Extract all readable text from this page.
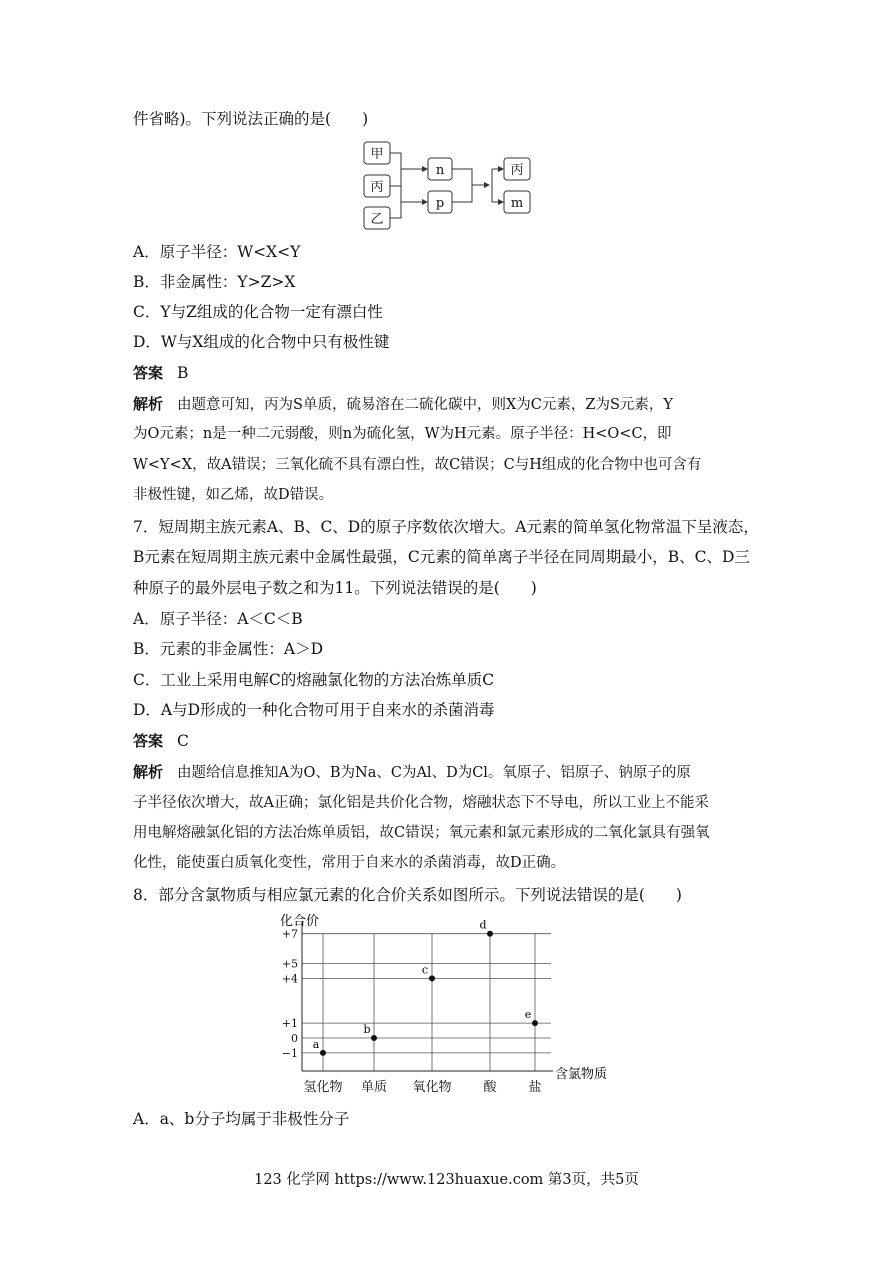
件省略)。下列说法正确的是(　　)
甲
丙
乙
n
p
丙
m
A．原子半径：W<X<Y
B．非金属性：Y>Z>X
C．Y与Z组成的化合物一定有漂白性
D．W与X组成的化合物中只有极性键
答案 B
解析 由题意可知，丙为S单质，硫易溶在二硫化碳中，则X为C元素，Z为S元素，Y
为O元素；n是一种二元弱酸，则n为硫化氢，W为H元素。原子半径：H<O<C，即
W<Y<X，故A错误；三氧化硫不具有漂白性，故C错误；C与H组成的化合物中也可含有
非极性键，如乙烯，故D错误。
7．短周期主族元素A、B、C、D的原子序数依次增大。A元素的简单氢化物常温下呈液态，
B元素在短周期主族元素中金属性最强，C元素的简单离子半径在同周期最小，B、C、D三
种原子的最外层电子数之和为11。下列说法错误的是(　　)
A．原子半径：A＜C＜B
B．元素的非金属性：A＞D
C．工业上采用电解C的熔融氯化物的方法冶炼单质C
D．A与D形成的一种化合物可用于自来水的杀菌消毒
答案 C
解析 由题给信息推知A为O、B为Na、C为Al、D为Cl。氧原子、铝原子、钠原子的原
子半径依次增大，故A正确；氯化铝是共价化合物，熔融状态下不导电，所以工业上不能采
用电解熔融氯化铝的方法冶炼单质铝，故C错误；氧元素和氯元素形成的二氧化氯具有强氧
化性，能使蛋白质氧化变性，常用于自来水的杀菌消毒，故D正确。
8．部分含氯物质与相应氯元素的化合价关系如图所示。下列说法错误的是(　　)
化合价
含氯物质
+7
+5
+4
+1
0
−1
氢化物 单质 氧化物 酸 盐
a
b
c
d
e
A．a、b分子均属于非极性分子
123 化学网 https://www.123huaxue.com 第3页，共5页
